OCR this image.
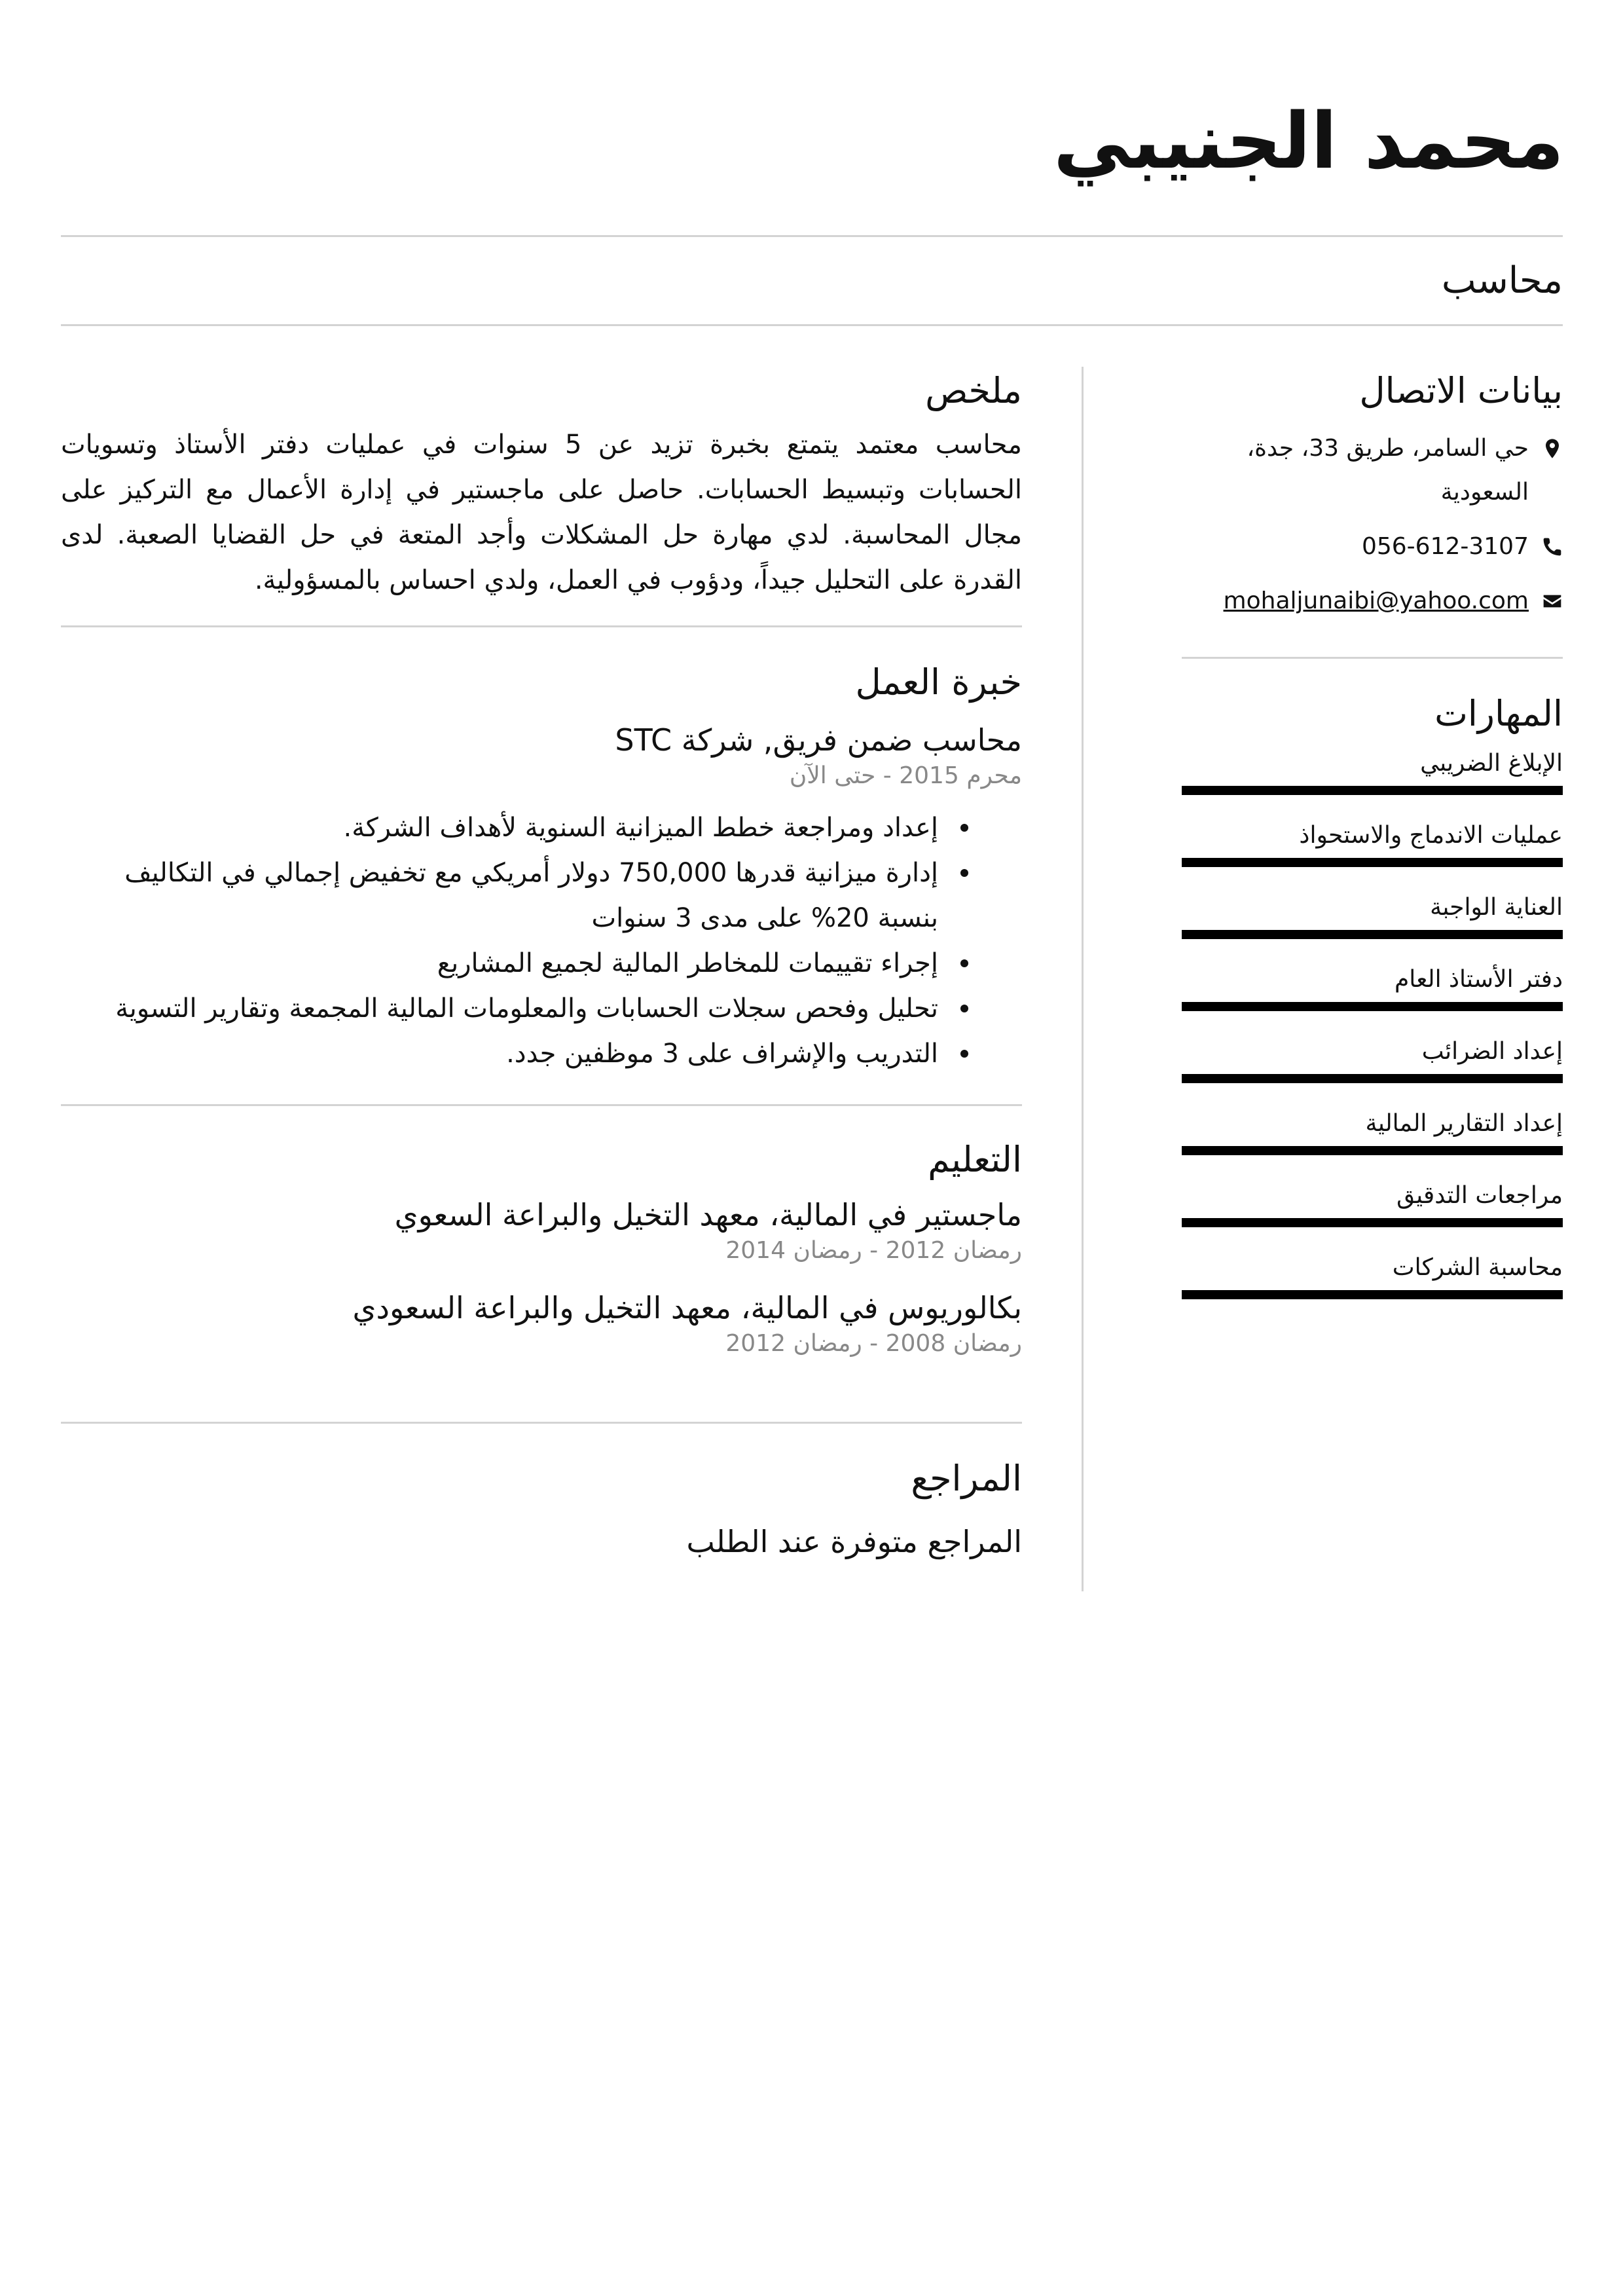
محمد الجنيبي
محاسب
ملخص

محاسب معتمد يتمتع بخبرة تزيد عن 5 سنوات في عمليات دفتر الأستاذ وتسويات الحسابات وتبسيط الحسابات. حاصل على ماجستير في إدارة الأعمال مع التركيز على مجال المحاسبة. لدي مهارة حل المشكلات وأجد المتعة في حل القضايا الصعبة. لدى القدرة على التحليل جيداً، ودؤوب في العمل، ولدي احساس بالمسؤولية.

خبرة العمل
محاسب ضمن فريق, شركة STC
محرم 2015 - حتى الآن
إعداد ومراجعة خطط الميزانية السنوية لأهداف الشركة.
إدارة ميزانية قدرها 750,000 دولار أمريكي مع تخفيض إجمالي في التكاليف بنسبة 20% على مدى 3 سنوات
إجراء تقييمات للمخاطر المالية لجميع المشاريع
تحليل وفحص سجلات الحسابات والمعلومات المالية المجمعة وتقارير التسوية
التدريب والإشراف على 3 موظفين جدد.
التعليم
ماجستير في المالية، معهد التخيل والبراعة السعوي
رمضان 2012 - رمضان 2014
بكالوريوس في المالية، معهد التخيل والبراعة السعودي
رمضان 2008 - رمضان 2012
المراجع
المراجع متوفرة عند الطلب
بيانات الاتصال
حي السامر، طريق 33، جدة،
السعودية
056-612-3107
mohaljunaibi@yahoo.com
المهارات
الإبلاغ الضريبي
عمليات الاندماج والاستحواذ
العناية الواجبة
دفتر الأستاذ العام
إعداد الضرائب
إعداد التقارير المالية
مراجعات التدقيق
محاسبة الشركات
